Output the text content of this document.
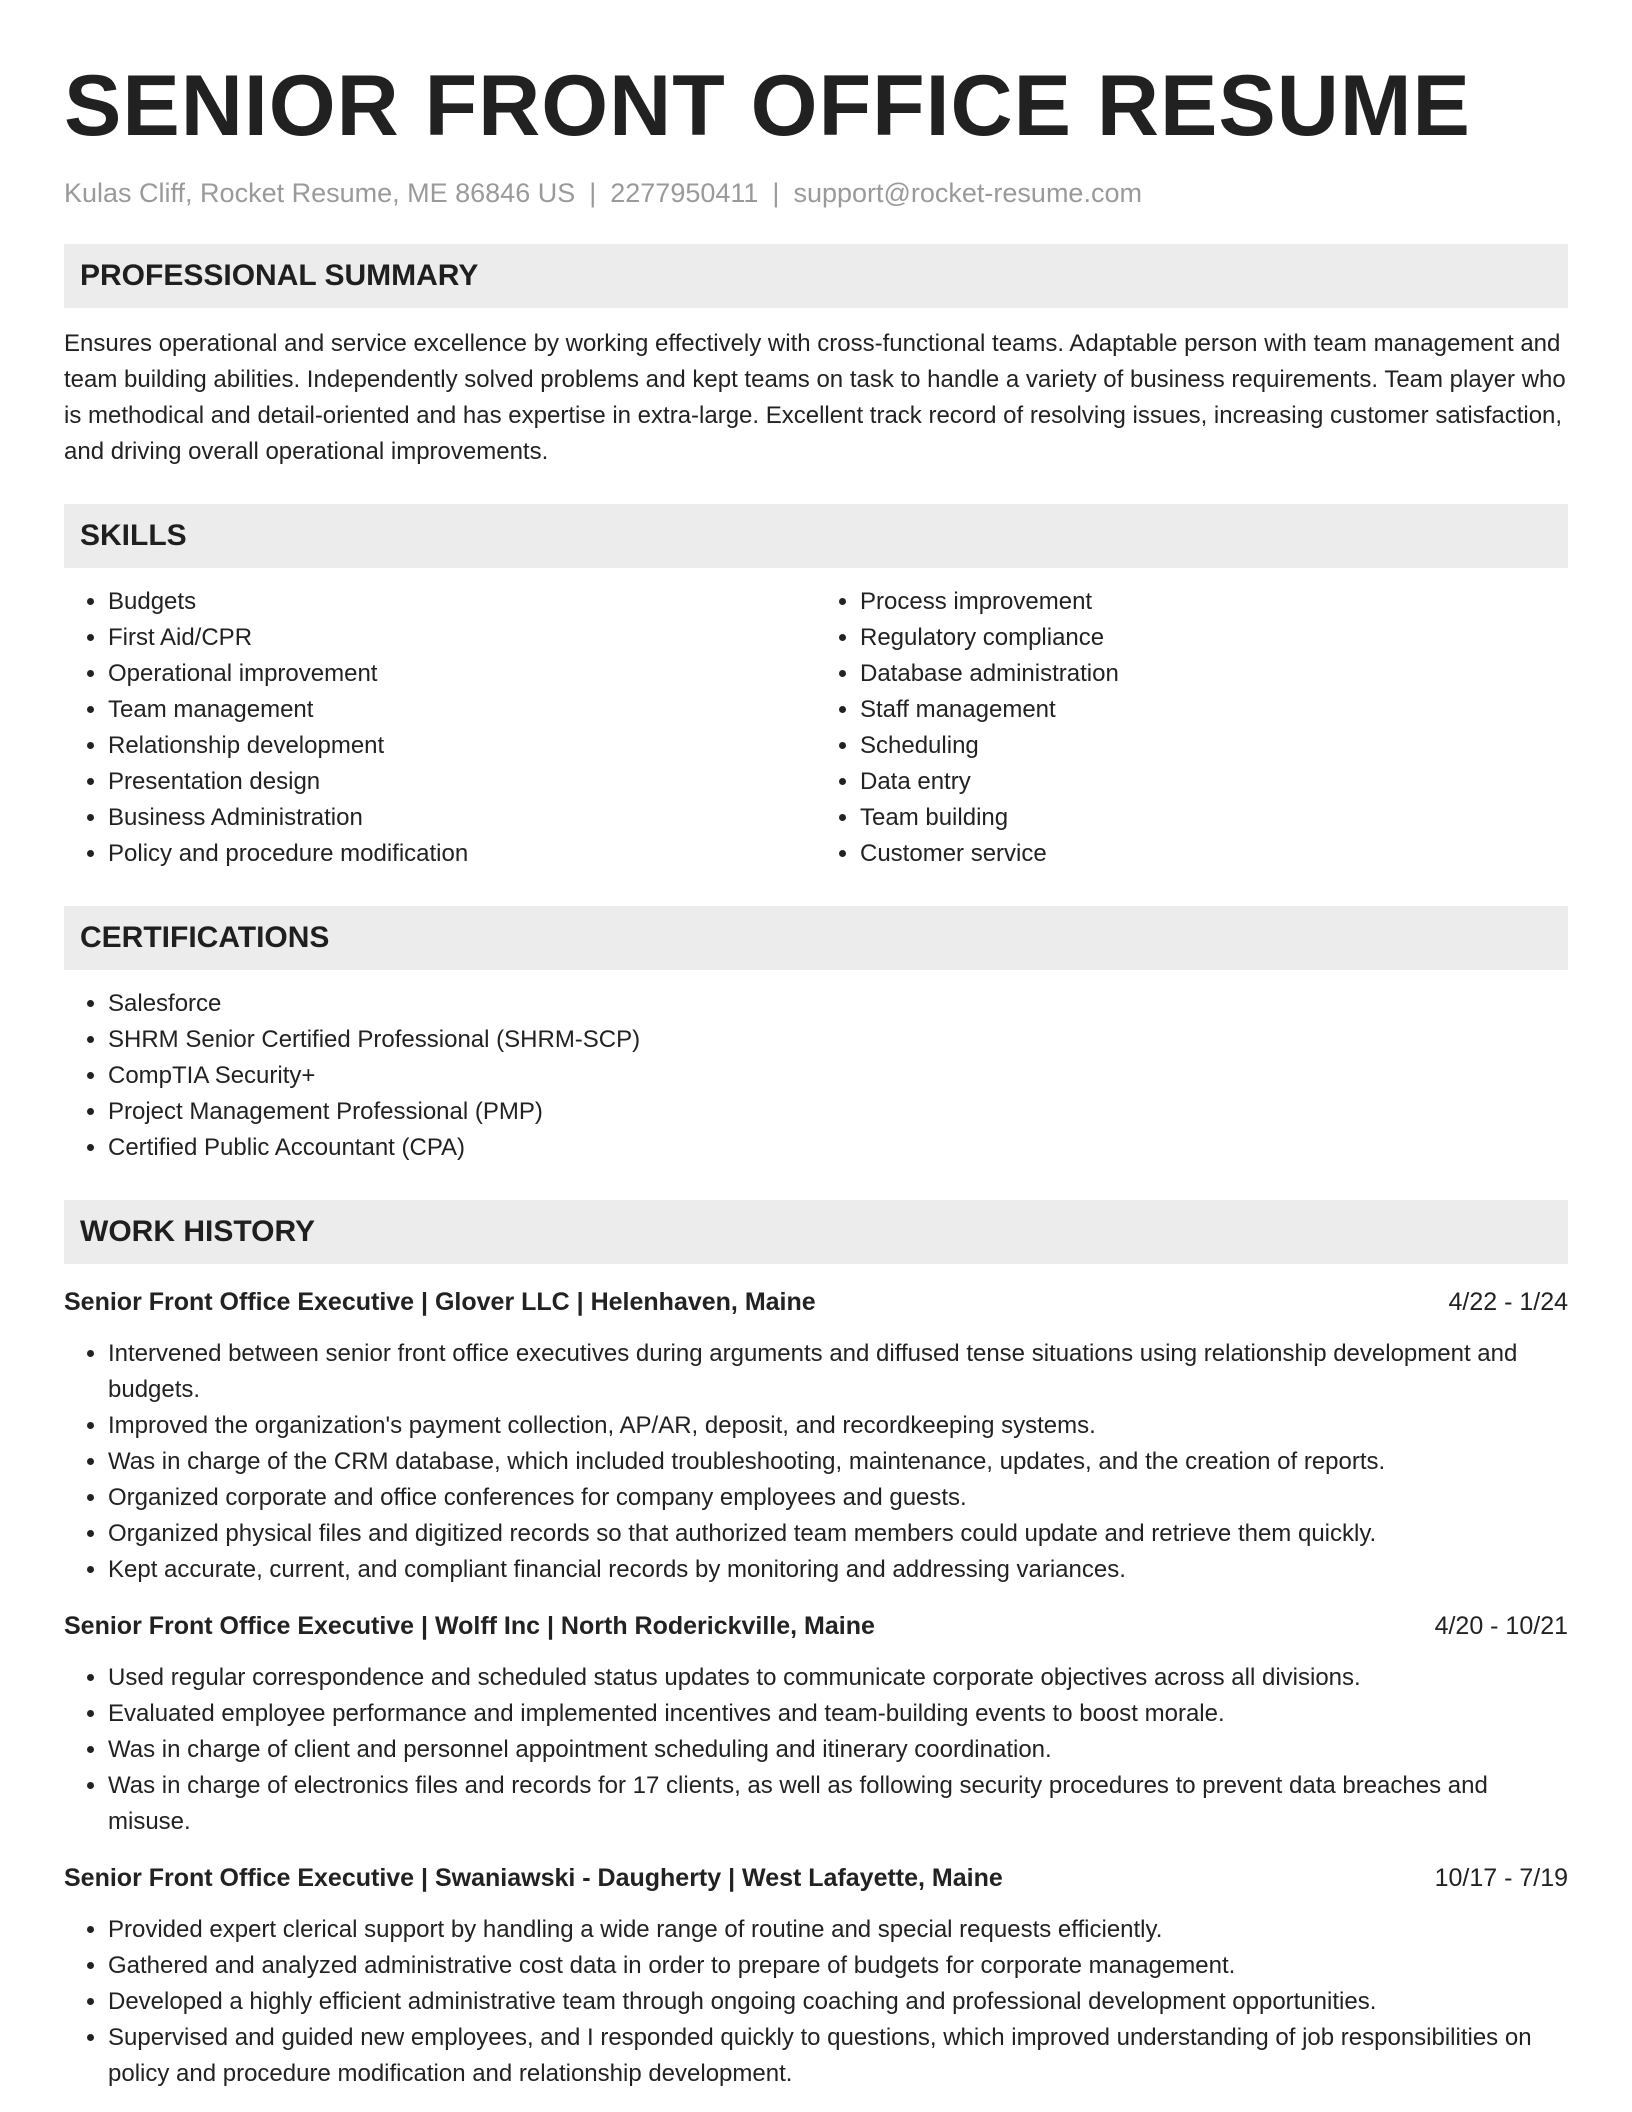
SENIOR FRONT OFFICE RESUME
Kulas Cliff, Rocket Resume, ME 86846 US | 2277950411 | support@rocket-resume.com
PROFESSIONAL SUMMARY

Ensures operational and service excellence by working effectively with cross-functional teams. Adaptable person with team management and team building abilities. Independently solved problems and kept teams on task to handle a variety of business requirements. Team player who is methodical and detail-oriented and has expertise in extra-large. Excellent track record of resolving issues, increasing customer satisfaction, and driving overall operational improvements.

SKILLS
• Budgets
• First Aid/CPR
• Operational improvement
• Team management
• Relationship development
• Presentation design
• Business Administration
• Policy and procedure modification
• Process improvement
• Regulatory compliance
• Database administration
• Staff management
• Scheduling
• Data entry
• Team building
• Customer service
CERTIFICATIONS
• Salesforce
• SHRM Senior Certified Professional (SHRM-SCP)
• CompTIA Security+
• Project Management Professional (PMP)
• Certified Public Accountant (CPA)
WORK HISTORY
Senior Front Office Executive | Glover LLC | Helenhaven, Maine	4/22 - 1/24
• Intervened between senior front office executives during arguments and diffused tense situations using relationship development and budgets.
• Improved the organization's payment collection, AP/AR, deposit, and recordkeeping systems.
• Was in charge of the CRM database, which included troubleshooting, maintenance, updates, and the creation of reports.
• Organized corporate and office conferences for company employees and guests.
• Organized physical files and digitized records so that authorized team members could update and retrieve them quickly.
• Kept accurate, current, and compliant financial records by monitoring and addressing variances.
Senior Front Office Executive | Wolff Inc | North Roderickville, Maine	4/20 - 10/21
• Used regular correspondence and scheduled status updates to communicate corporate objectives across all divisions.
• Evaluated employee performance and implemented incentives and team-building events to boost morale.
• Was in charge of client and personnel appointment scheduling and itinerary coordination.
• Was in charge of electronics files and records for 17 clients, as well as following security procedures to prevent data breaches and misuse.
Senior Front Office Executive | Swaniawski - Daugherty | West Lafayette, Maine	10/17 - 7/19
• Provided expert clerical support by handling a wide range of routine and special requests efficiently.
• Gathered and analyzed administrative cost data in order to prepare of budgets for corporate management.
• Developed a highly efficient administrative team through ongoing coaching and professional development opportunities.
• Supervised and guided new employees, and I responded quickly to questions, which improved understanding of job responsibilities on policy and procedure modification and relationship development.
